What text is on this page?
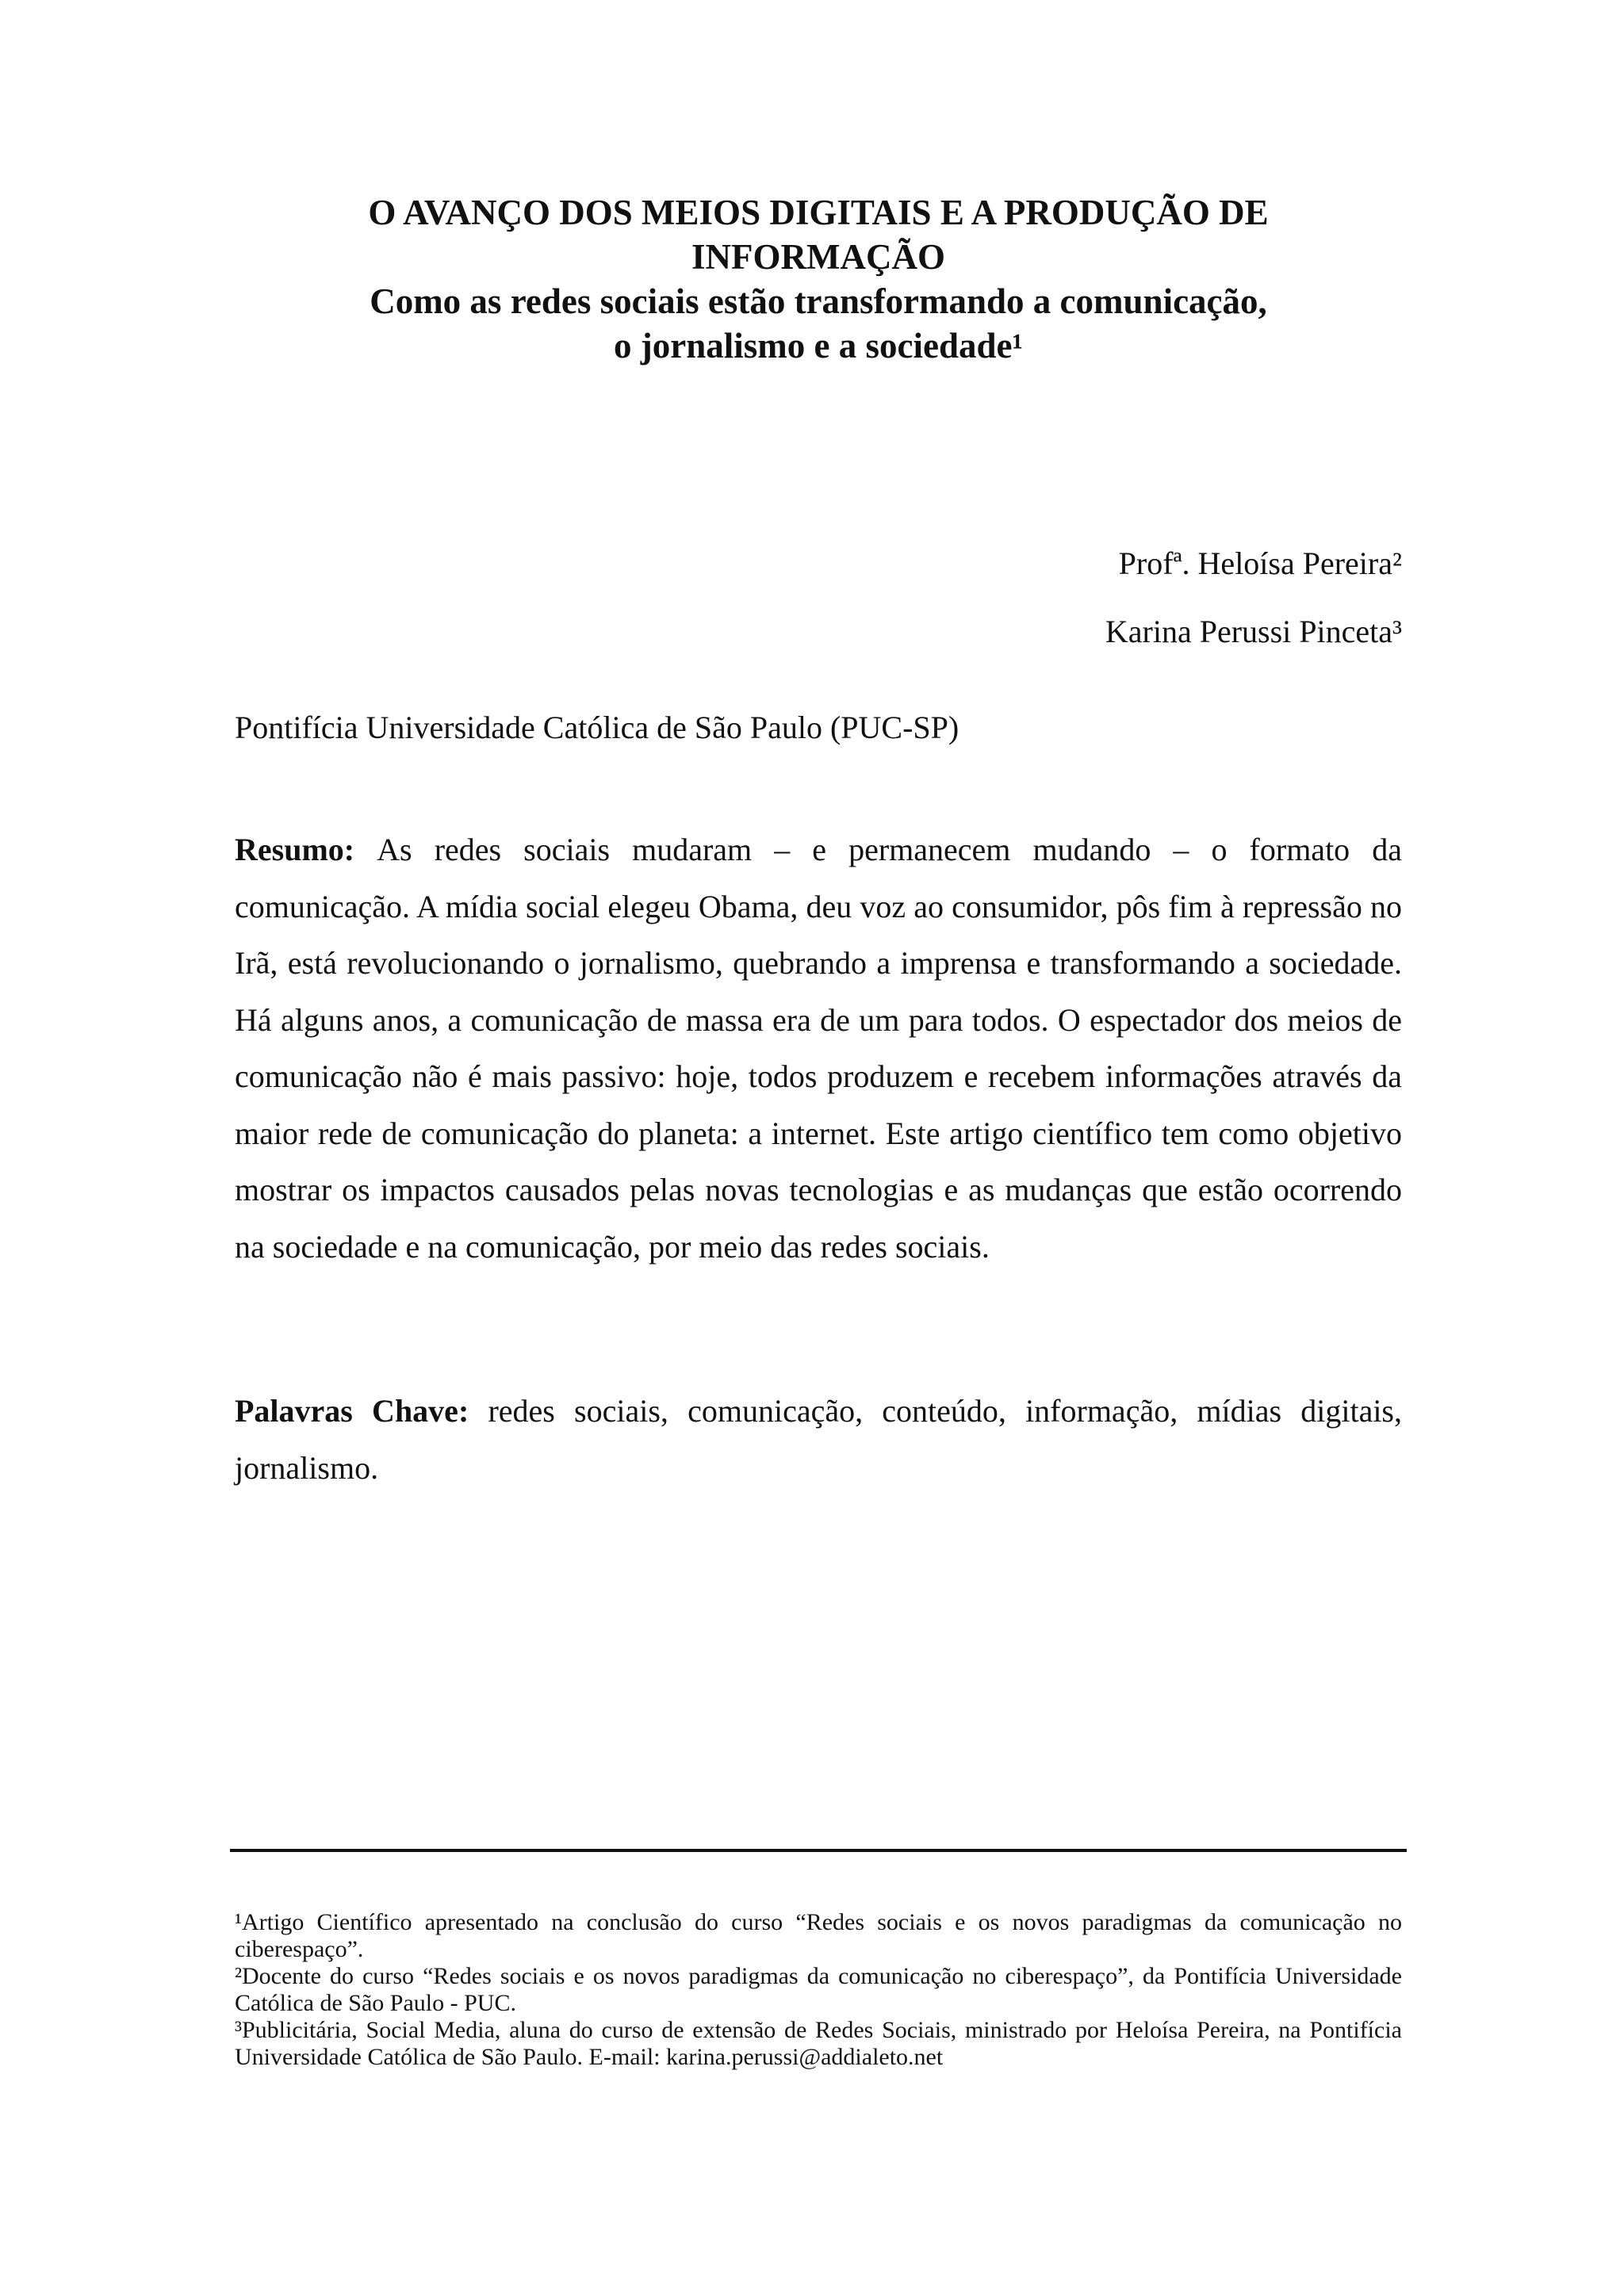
O AVANÇO DOS MEIOS DIGITAIS E A PRODUÇÃO DE
INFORMAÇÃO
Como as redes sociais estão transformando a comunicação,
o jornalismo e a sociedade¹
Profª. Heloísa Pereira²
Karina Perussi Pinceta³
Pontifícia Universidade Católica de São Paulo (PUC-SP)
Resumo: As redes sociais mudaram – e permanecem mudando – o formato da comunicação. A mídia social elegeu Obama, deu voz ao consumidor, pôs fim à repressão no Irã, está revolucionando o jornalismo, quebrando a imprensa e transformando a sociedade. Há alguns anos, a comunicação de massa era de um para todos. O espectador dos meios de comunicação não é mais passivo: hoje, todos produzem e recebem informações através da maior rede de comunicação do planeta: a internet. Este artigo científico tem como objetivo mostrar os impactos causados pelas novas tecnologias e as mudanças que estão ocorrendo na sociedade e na comunicação, por meio das redes sociais.
Palavras Chave: redes sociais, comunicação, conteúdo, informação, mídias digitais, jornalismo.

¹Artigo Científico apresentado na conclusão do curso “Redes sociais e os novos paradigmas da comunicação no ciberespaço”.

²Docente do curso “Redes sociais e os novos paradigmas da comunicação no ciberespaço”, da Pontifícia Universidade Católica de São Paulo - PUC.

³Publicitária, Social Media, aluna do curso de extensão de Redes Sociais, ministrado por Heloísa Pereira, na Pontifícia Universidade Católica de São Paulo. E-mail: karina.perussi@addialeto.net
